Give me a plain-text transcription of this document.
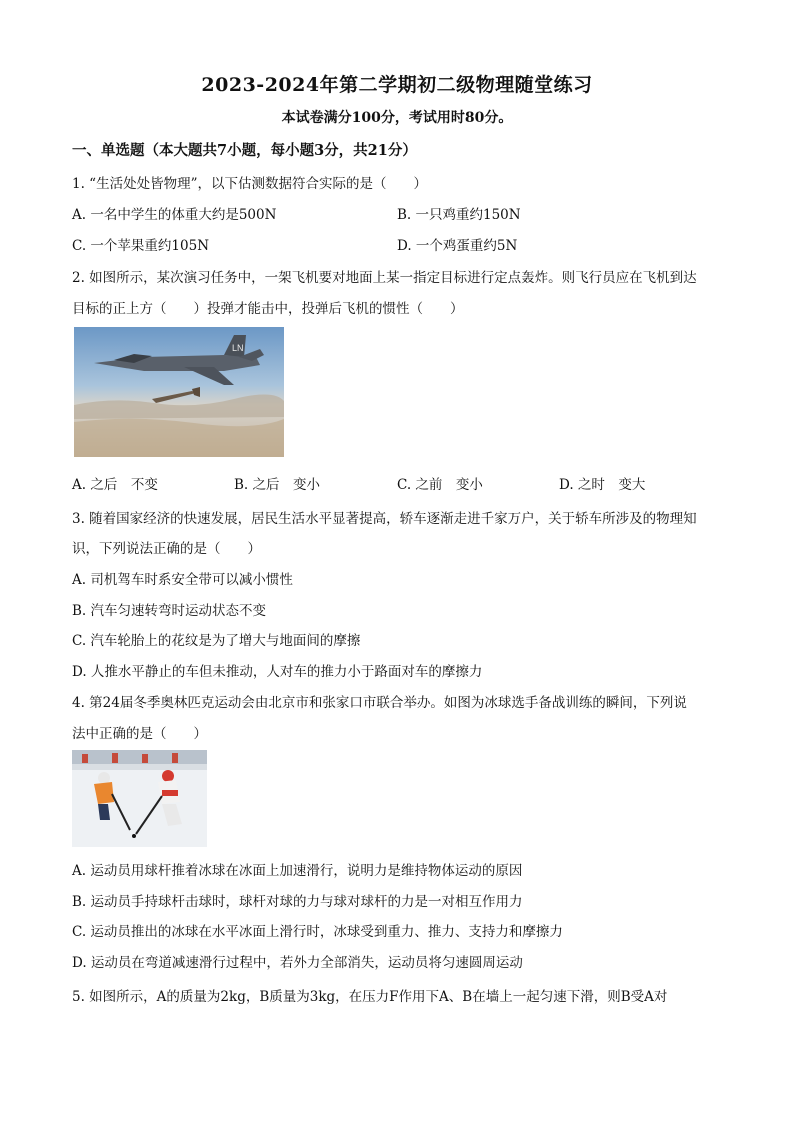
2023-2024年第二学期初二级物理随堂练习
本试卷满分100分，考试用时80分。
一、单选题（本大题共7小题，每小题3分，共21分）
1. “生活处处皆物理”，以下估测数据符合实际的是（　　）
A. 一名中学生的体重大约是500N	B. 一只鸡重约150N
C. 一个苹果重约105N	D. 一个鸡蛋重约5N
2. 如图所示，某次演习任务中，一架飞机要对地面上某一指定目标进行定点轰炸。则飞行员应在飞机到达
目标的正上方（　　）投弹才能击中，投弹后飞机的惯性（　　）
LN
A. 之后　不变	B. 之后　变小	C. 之前　变小	D. 之时　变大
3. 随着国家经济的快速发展，居民生活水平显著提高，轿车逐渐走进千家万户，关于轿车所涉及的物理知
识，下列说法正确的是（　　）
A. 司机驾车时系安全带可以减小惯性
B. 汽车匀速转弯时运动状态不变
C. 汽车轮胎上的花纹是为了增大与地面间的摩擦
D. 人推水平静止的车但未推动，人对车的推力小于路面对车的摩擦力
4. 第24届冬季奥林匹克运动会由北京市和张家口市联合举办。如图为冰球选手备战训练的瞬间，下列说
法中正确的是（　　）
A. 运动员用球杆推着冰球在冰面上加速滑行，说明力是维持物体运动的原因
B. 运动员手持球杆击球时，球杆对球的力与球对球杆的力是一对相互作用力
C. 运动员推出的冰球在水平冰面上滑行时，冰球受到重力、推力、支持力和摩擦力
D. 运动员在弯道减速滑行过程中，若外力全部消失，运动员将匀速圆周运动
5. 如图所示，A的质量为2kg，B质量为3kg，在压力F作用下A、B在墙上一起匀速下滑，则B受A对
